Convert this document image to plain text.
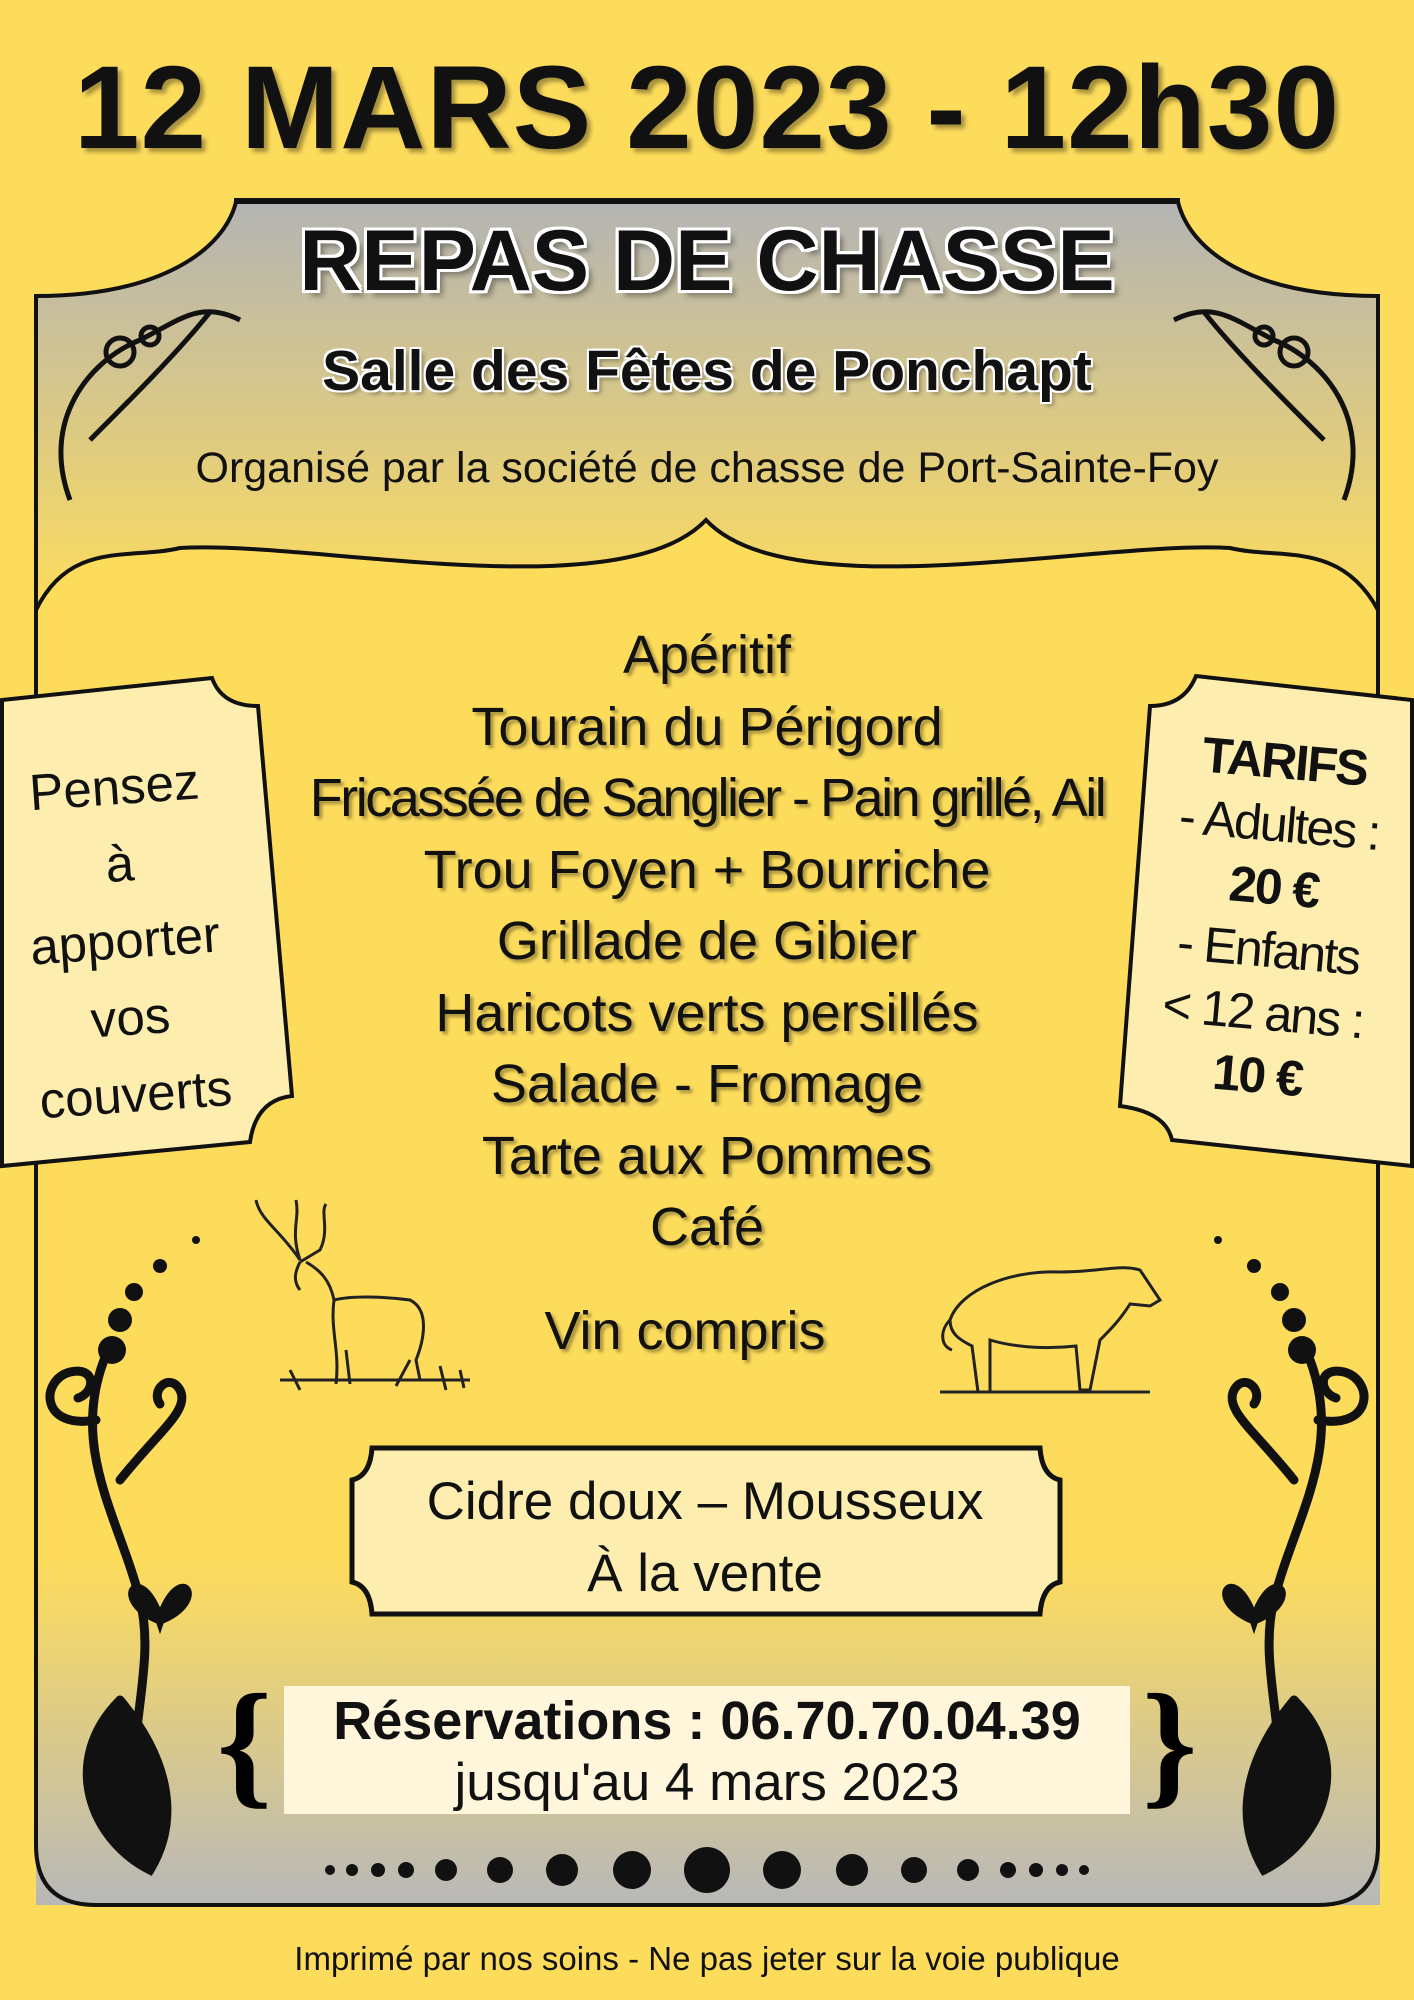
{	}
12 MARS 2023 - 12h30
REPAS DE CHASSE
Salle des Fêtes de Ponchapt
Organisé par la société de chasse de Port-Sainte-Foy
Apéritif
Tourain du Périgord
Fricassée de Sanglier - Pain grillé, Ail
Trou Foyen + Bourriche
Grillade de Gibier
Haricots verts persillés
Salade - Fromage
Tarte aux Pommes
Café
Vin compris
Pensez
à
apporter
vos
couverts
TARIFS
- Adultes :
20 €
- Enfants
< 12 ans :
10 €
Cidre doux – Mousseux
À la vente
Réservations : 06.70.70.04.39
jusqu'au 4 mars 2023
Imprimé par nos soins - Ne pas jeter sur la voie publique
